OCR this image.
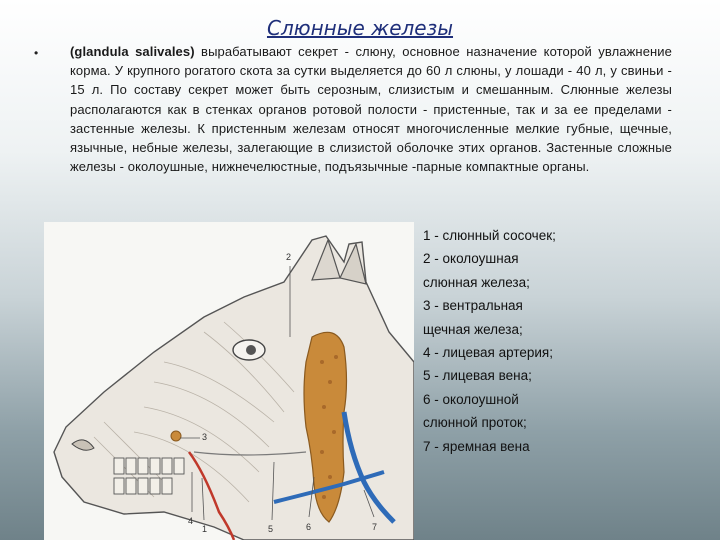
Слюнные железы
• (glandula salivales) вырабатывают секрет - слюну, основное назначение которой увлажнение корма. У крупного рогатого скота за сутки выделяется до 60 л слюны, у лошади - 40 л, у свиньи - 15 л. По составу секрет может быть серозным, слизистым и смешанным. Слюнные железы располагаются как в стенках органов ротовой полости - пристенные, так и за ее пределами - застенные железы. К пристенным железам относят многочисленные мелкие губные, щечные, язычные, небные железы, залегающие в слизистой оболочке этих органов. Застенные сложные железы - околоушные, нижнечелюстные, подъязычные -парные компактные органы.
2
3
4
1	5	6	7
1 - слюнный сосочек;
2 - околоушная
слюнная железа;
3 - вентральная
щечная железа;
4 - лицевая артерия;
5 - лицевая вена;
6 - околоушной
слюнной проток;
7 - яремная вена
